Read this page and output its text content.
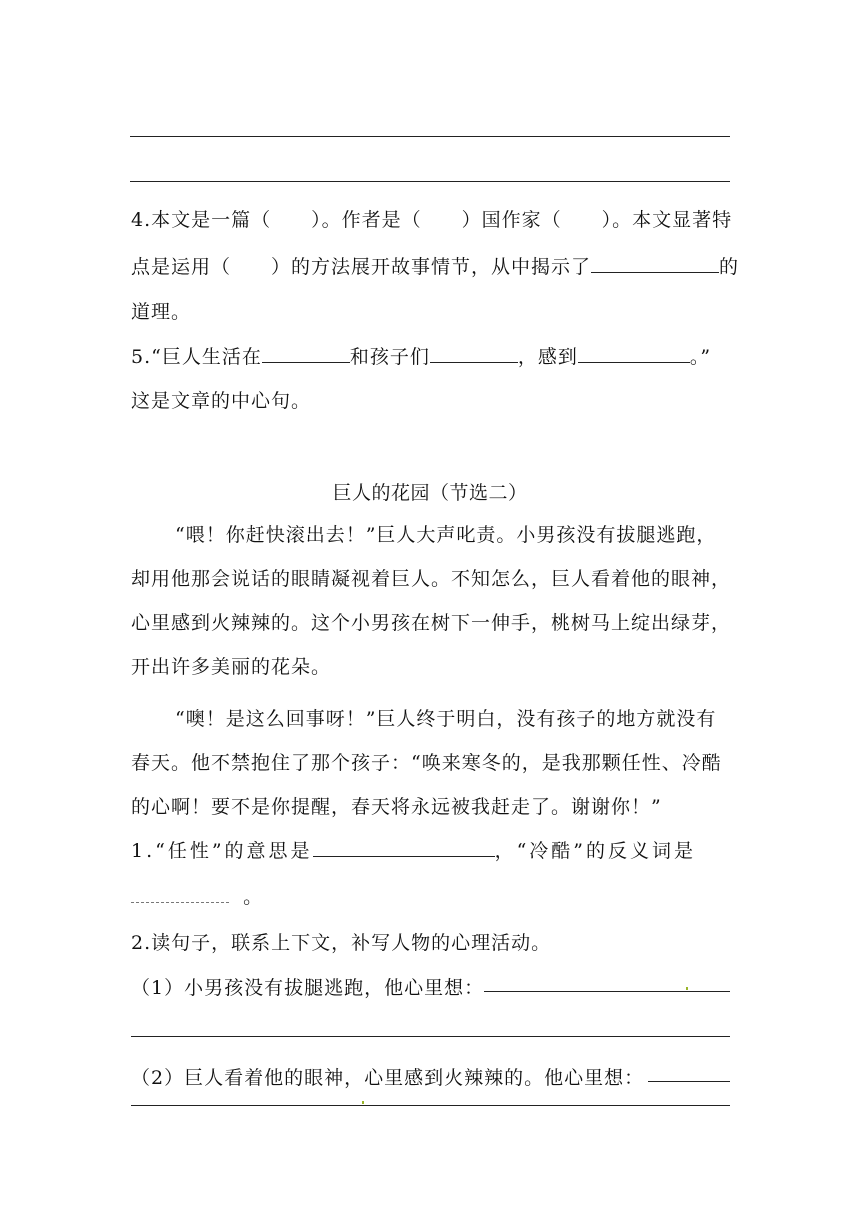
4.本文是一篇（　　）。作者是（　　）国作家（　　）。本文显著特
点是运用（　　）的方法展开故事情节，从中揭示了	的
道理。
5.“巨人生活在	和孩子们	，感到	。”
这是文章的中心句。
巨人的花园（节选二）
“喂！你赶快滚出去！”巨人大声叱责。小男孩没有拔腿逃跑，
却用他那会说话的眼睛凝视着巨人。不知怎么，巨人看着他的眼神，
心里感到火辣辣的。这个小男孩在树下一伸手，桃树马上绽出绿芽，
开出许多美丽的花朵。
“噢！是这么回事呀！”巨人终于明白，没有孩子的地方就没有
春天。他不禁抱住了那个孩子：“唤来寒冬的，是我那颗任性、冷酷
的心啊！要不是你提醒，春天将永远被我赶走了。谢谢你！”
1.“任性”的意思是	，“冷酷”的反义词是
。
2.读句子，联系上下文，补写人物的心理活动。
（1）小男孩没有拔腿逃跑，他心里想：
（2）巨人看着他的眼神，心里感到火辣辣的。他心里想：
